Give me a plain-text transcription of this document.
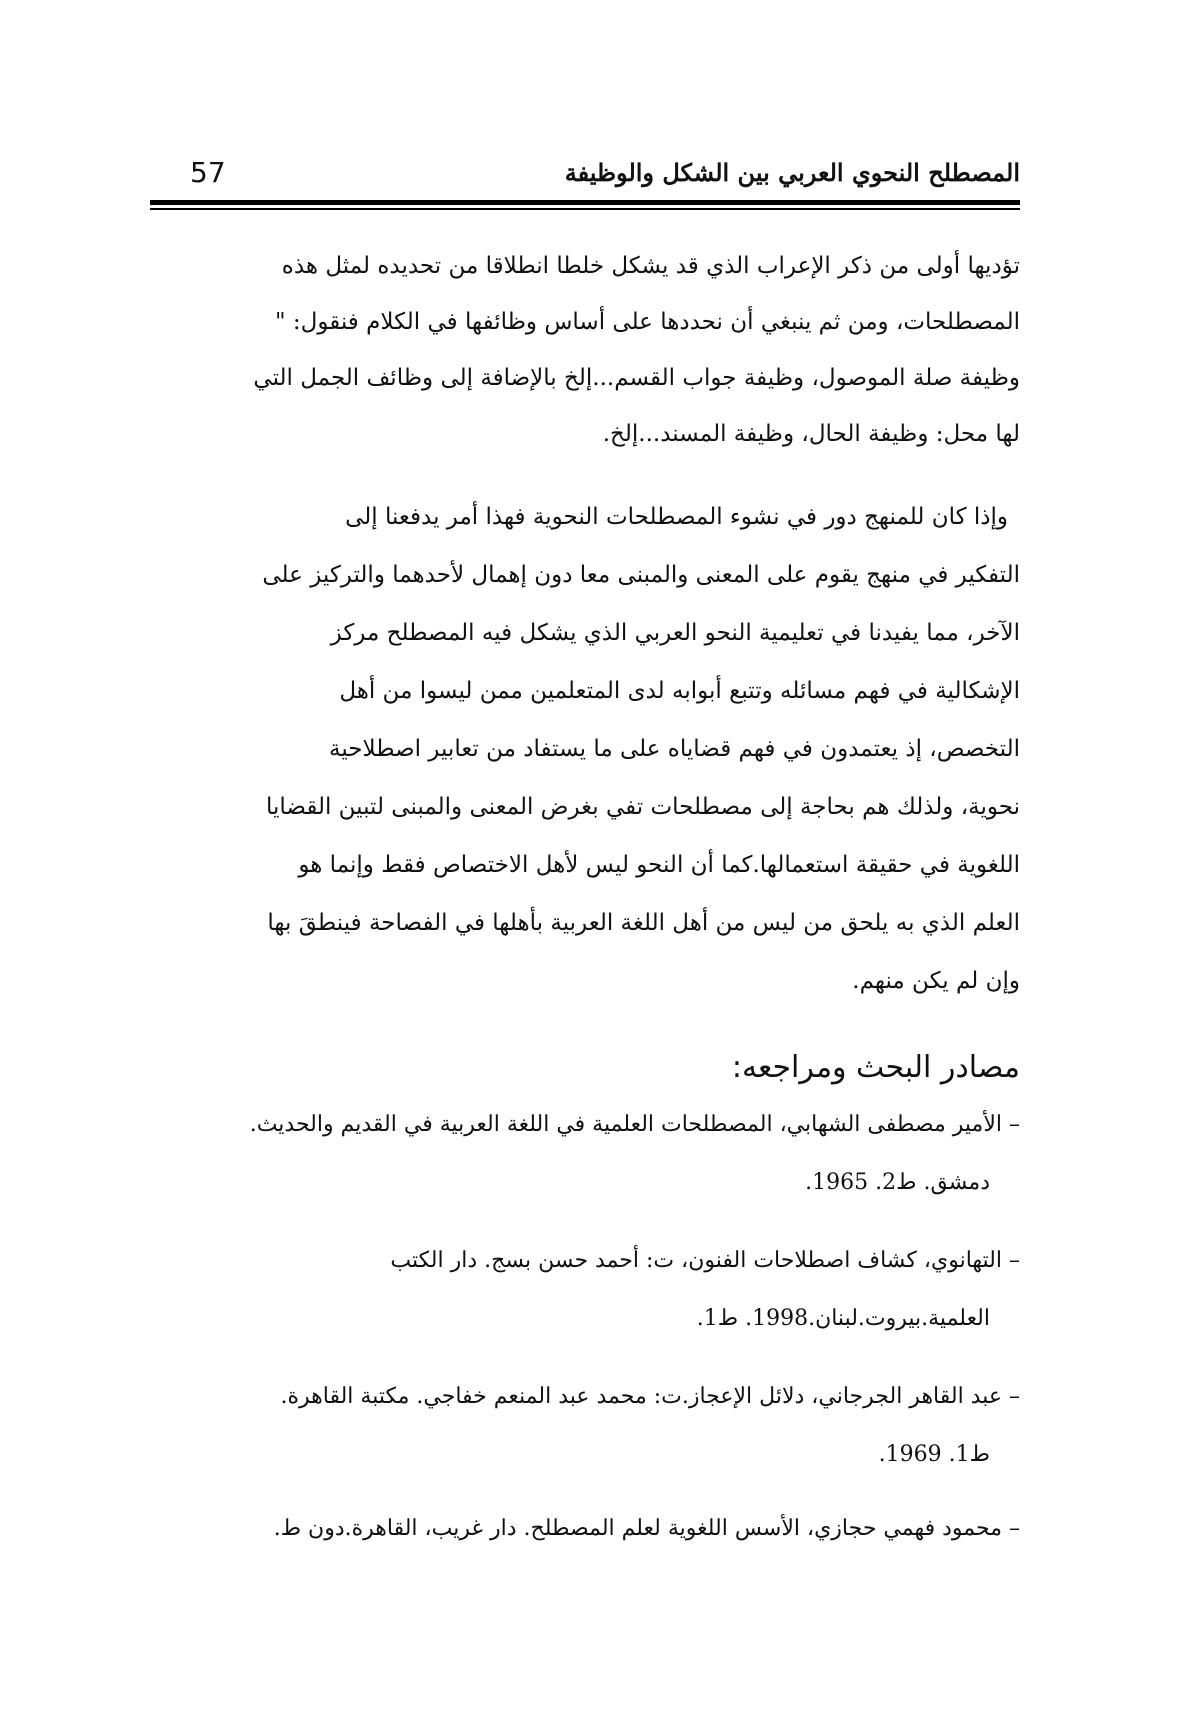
57	المصطلح النحوي العربي بين الشكل والوظيفة
تؤديها أولى من ذكر الإعراب الذي قد يشكل خلطا انطلاقا من تحديده لمثل هذه
المصطلحات، ومن ثم ينبغي أن نحددها على أساس وظائفها في الكلام فنقول: "
وظيفة صلة الموصول، وظيفة جواب القسم...إلخ بالإضافة إلى وظائف الجمل التي
لها محل: وظيفة الحال، وظيفة المسند...إلخ.
وإذا كان للمنهج دور في نشوء المصطلحات النحوية فهذا أمر يدفعنا إلى
التفكير في منهج يقوم على المعنى والمبنى معا دون إهمال لأحدهما والتركيز على
الآخر، مما يفيدنا في تعليمية النحو العربي الذي يشكل فيه المصطلح مركز
الإشكالية في فهم مسائله وتتبع أبوابه لدى المتعلمين ممن ليسوا من أهل
التخصص، إذ يعتمدون في فهم قضاياه على ما يستفاد من تعابير اصطلاحية
نحوية، ولذلك هم بحاجة إلى مصطلحات تفي بغرض المعنى والمبنى لتبين القضايا
اللغوية في حقيقة استعمالها.كما أن النحو ليس لأهل الاختصاص فقط وإنما هو
العلم الذي به يلحق من ليس من أهل اللغة العربية بأهلها في الفصاحة فينطقَ بها
وإن لم يكن منهم.
مصادر البحث ومراجعه:
– الأمير مصطفى الشهابي، المصطلحات العلمية في اللغة العربية في القديم والحديث.
دمشق. ط2. 1965.
– التهانوي، كشاف اصطلاحات الفنون، ت: أحمد حسن بسج. دار الكتب
العلمية.بيروت.لبنان.1998. ط1.
– عبد القاهر الجرجاني، دلائل الإعجاز.ت: محمد عبد المنعم خفاجي. مكتبة القاهرة.
ط1. 1969.
– محمود فهمي حجازي، الأسس اللغوية لعلم المصطلح. دار غريب، القاهرة.دون ط.
